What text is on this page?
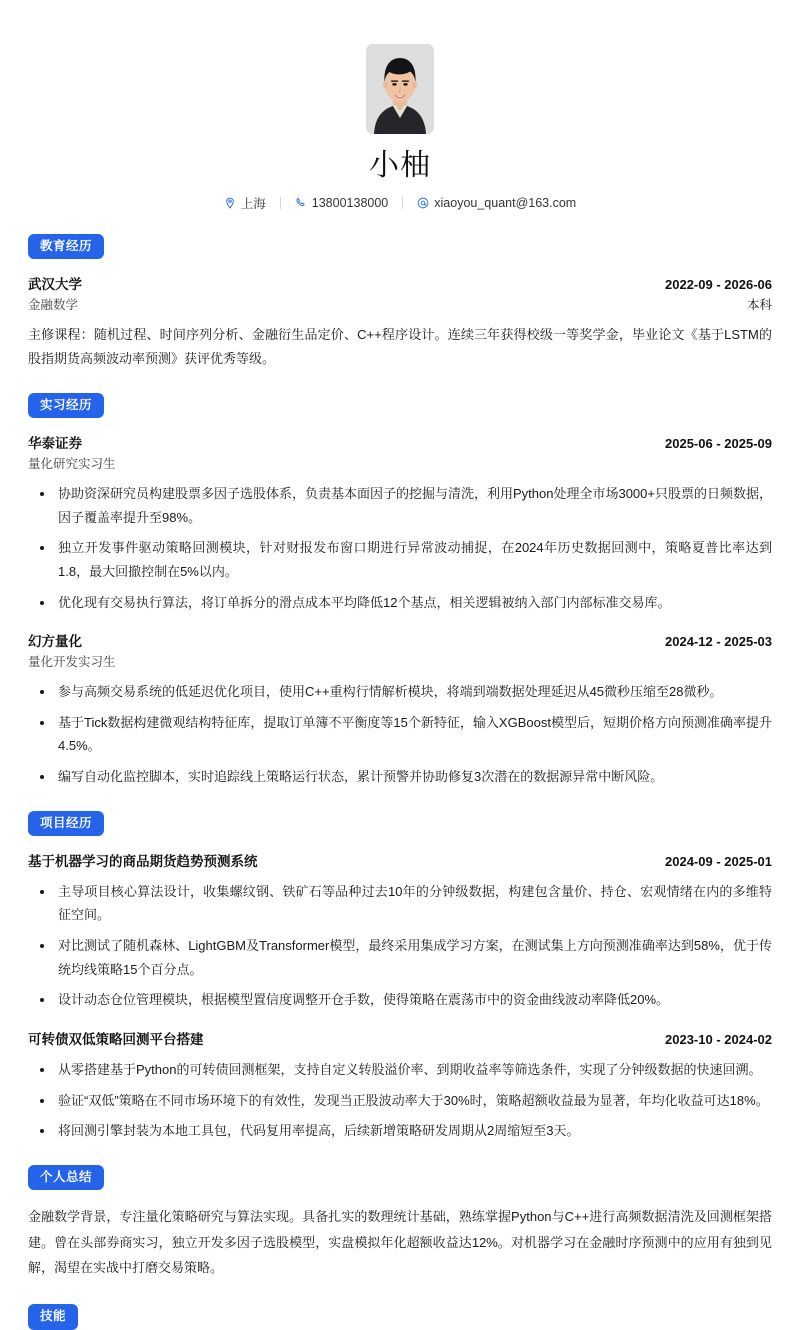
小柚
上海	13800138000	xiaoyou_quant@163.com
教育经历
武汉大学	2022-09 - 2026-06
金融数学	本科
主修课程：随机过程、时间序列分析、金融衍生品定价、C++程序设计。连续三年获得校级一等奖学金，毕业论文《基于LSTM的股指期货高频波动率预测》获评优秀等级。
实习经历
华泰证券	2025-06 - 2025-09
量化研究实习生
协助资深研究员构建股票多因子选股体系，负责基本面因子的挖掘与清洗，利用Python处理全市场3000+只股票的日频数据，因子覆盖率提升至98%。
独立开发事件驱动策略回测模块，针对财报发布窗口期进行异常波动捕捉，在2024年历史数据回测中，策略夏普比率达到1.8，最大回撤控制在5%以内。
优化现有交易执行算法，将订单拆分的滑点成本平均降低12个基点，相关逻辑被纳入部门内部标准交易库。
幻方量化	2024-12 - 2025-03
量化开发实习生
参与高频交易系统的低延迟优化项目，使用C++重构行情解析模块，将端到端数据处理延迟从45微秒压缩至28微秒。
基于Tick数据构建微观结构特征库，提取订单簿不平衡度等15个新特征，输入XGBoost模型后，短期价格方向预测准确率提升4.5%。
编写自动化监控脚本，实时追踪线上策略运行状态，累计预警并协助修复3次潜在的数据源异常中断风险。
项目经历
基于机器学习的商品期货趋势预测系统	2024-09 - 2025-01
主导项目核心算法设计，收集螺纹钢、铁矿石等品种过去10年的分钟级数据，构建包含量价、持仓、宏观情绪在内的多维特征空间。
对比测试了随机森林、LightGBM及Transformer模型，最终采用集成学习方案，在测试集上方向预测准确率达到58%，优于传统均线策略15个百分点。
设计动态仓位管理模块，根据模型置信度调整开仓手数，使得策略在震荡市中的资金曲线波动率降低20%。
可转债双低策略回测平台搭建	2023-10 - 2024-02
从零搭建基于Python的可转债回测框架，支持自定义转股溢价率、到期收益率等筛选条件，实现了分钟级数据的快速回溯。
验证“双低”策略在不同市场环境下的有效性，发现当正股波动率大于30%时，策略超额收益最为显著，年均化收益可达18%。
将回测引擎封装为本地工具包，代码复用率提高，后续新增策略研发周期从2周缩短至3天。
个人总结
金融数学背景，专注量化策略研究与算法实现。具备扎实的数理统计基础，熟练掌握Python与C++进行高频数据清洗及回测框架搭建。曾在头部券商实习，独立开发多因子选股模型，实盘模拟年化超额收益达12%。对机器学习在金融时序预测中的应用有独到见解，渴望在实战中打磨交易策略。
技能
